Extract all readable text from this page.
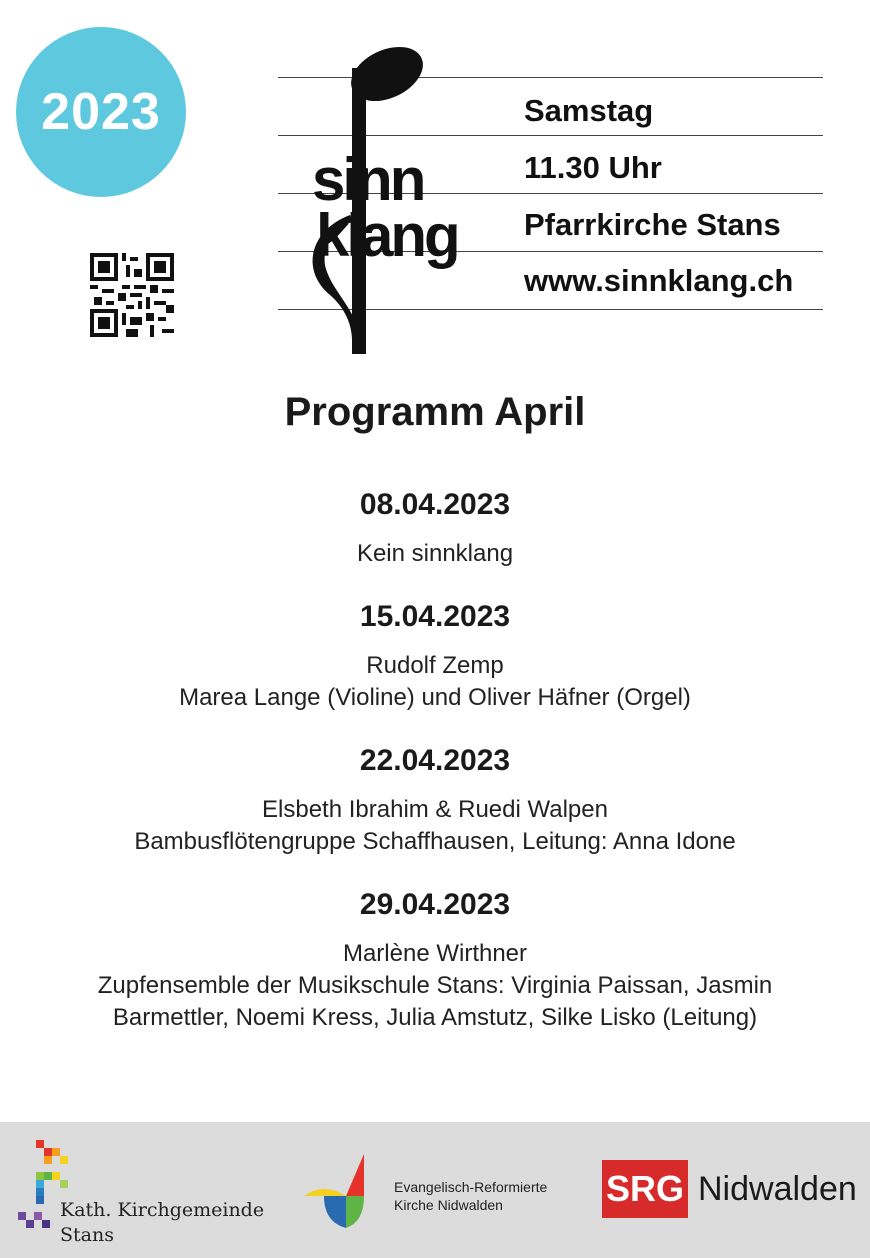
2023
sinn
klang
Samstag
11.30 Uhr
Pfarrkirche Stans
www.sinnklang.ch
Programm April
08.04.2023
Kein sinnklang
15.04.2023
Rudolf Zemp
Marea Lange (Violine) und Oliver Häfner (Orgel)
22.04.2023
Elsbeth Ibrahim & Ruedi Walpen
Bambusflötengruppe Schaffhausen, Leitung: Anna Idone
29.04.2023
Marlène Wirthner
Zupfensemble der Musikschule Stans: Virginia Paissan, Jasmin
Barmettler, Noemi Kress, Julia Amstutz, Silke Lisko (Leitung)
Kath. Kirchgemeinde
Stans
Evangelisch-Reformierte
Kirche Nidwalden	SRG Nidwalden
